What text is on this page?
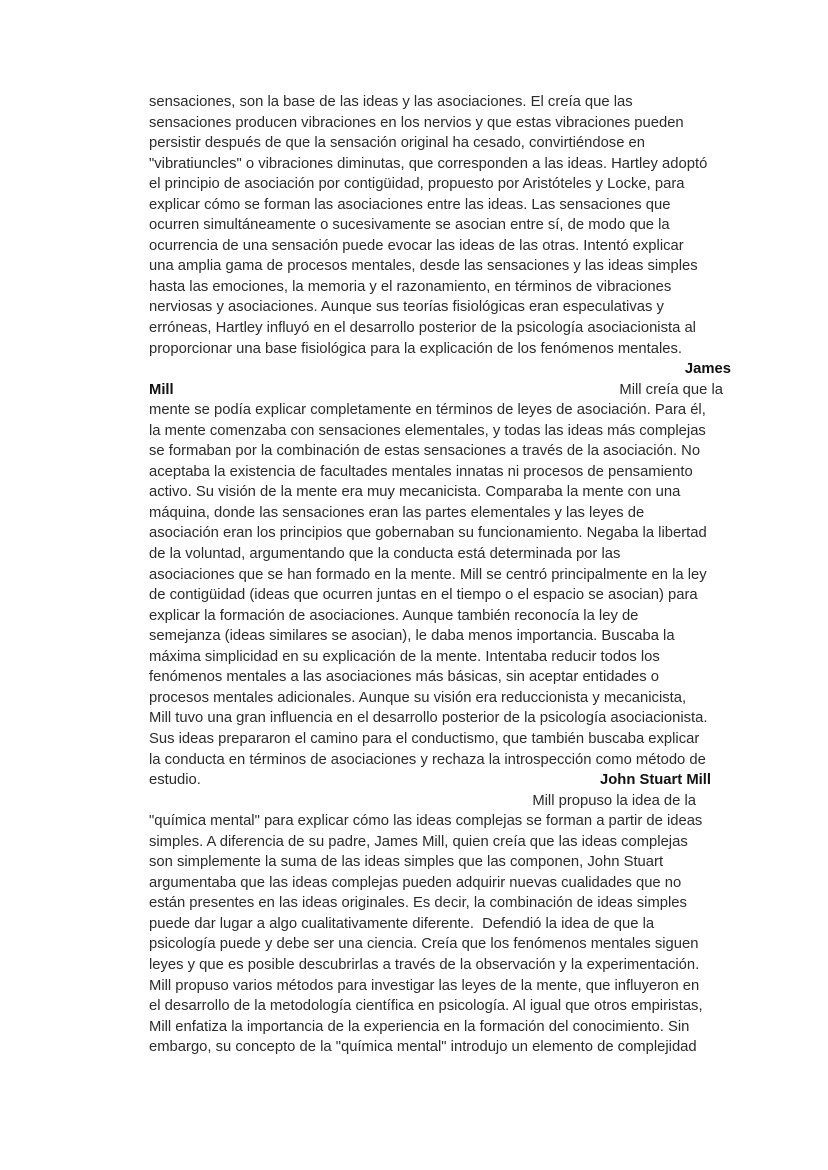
sensaciones, son la base de las ideas y las asociaciones. El creía que las
sensaciones producen vibraciones en los nervios y que estas vibraciones pueden
persistir después de que la sensación original ha cesado, convirtiéndose en
"vibratiuncles" o vibraciones diminutas, que corresponden a las ideas. Hartley adoptó
el principio de asociación por contigüidad, propuesto por Aristóteles y Locke, para
explicar cómo se forman las asociaciones entre las ideas. Las sensaciones que
ocurren simultáneamente o sucesivamente se asocian entre sí, de modo que la
ocurrencia de una sensación puede evocar las ideas de las otras. Intentó explicar
una amplia gama de procesos mentales, desde las sensaciones y las ideas simples
hasta las emociones, la memoria y el razonamiento, en términos de vibraciones
nerviosas y asociaciones. Aunque sus teorías fisiológicas eran especulativas y
erróneas, Hartley influyó en el desarrollo posterior de la psicología asociacionista al
proporcionar una base fisiológica para la explicación de los fenómenos mentales.
James
Mill	Mill creía que la
mente se podía explicar completamente en términos de leyes de asociación. Para él,
la mente comenzaba con sensaciones elementales, y todas las ideas más complejas
se formaban por la combinación de estas sensaciones a través de la asociación. No
aceptaba la existencia de facultades mentales innatas ni procesos de pensamiento
activo. Su visión de la mente era muy mecanicista. Comparaba la mente con una
máquina, donde las sensaciones eran las partes elementales y las leyes de
asociación eran los principios que gobernaban su funcionamiento. Negaba la libertad
de la voluntad, argumentando que la conducta está determinada por las
asociaciones que se han formado en la mente. Mill se centró principalmente en la ley
de contigüidad (ideas que ocurren juntas en el tiempo o el espacio se asocian) para
explicar la formación de asociaciones. Aunque también reconocía la ley de
semejanza (ideas similares se asocian), le daba menos importancia. Buscaba la
máxima simplicidad en su explicación de la mente. Intentaba reducir todos los
fenómenos mentales a las asociaciones más básicas, sin aceptar entidades o
procesos mentales adicionales. Aunque su visión era reduccionista y mecanicista,
Mill tuvo una gran influencia en el desarrollo posterior de la psicología asociacionista.
Sus ideas prepararon el camino para el conductismo, que también buscaba explicar
la conducta en términos de asociaciones y rechaza la introspección como método de
estudio.	John Stuart Mill
Mill propuso la idea de la
"química mental" para explicar cómo las ideas complejas se forman a partir de ideas
simples. A diferencia de su padre, James Mill, quien creía que las ideas complejas
son simplemente la suma de las ideas simples que las componen, John Stuart
argumentaba que las ideas complejas pueden adquirir nuevas cualidades que no
están presentes en las ideas originales. Es decir, la combinación de ideas simples
puede dar lugar a algo cualitativamente diferente.  Defendió la idea de que la
psicología puede y debe ser una ciencia. Creía que los fenómenos mentales siguen
leyes y que es posible descubrirlas a través de la observación y la experimentación.
Mill propuso varios métodos para investigar las leyes de la mente, que influyeron en
el desarrollo de la metodología científica en psicología. Al igual que otros empiristas,
Mill enfatiza la importancia de la experiencia en la formación del conocimiento. Sin
embargo, su concepto de la "química mental" introdujo un elemento de complejidad
